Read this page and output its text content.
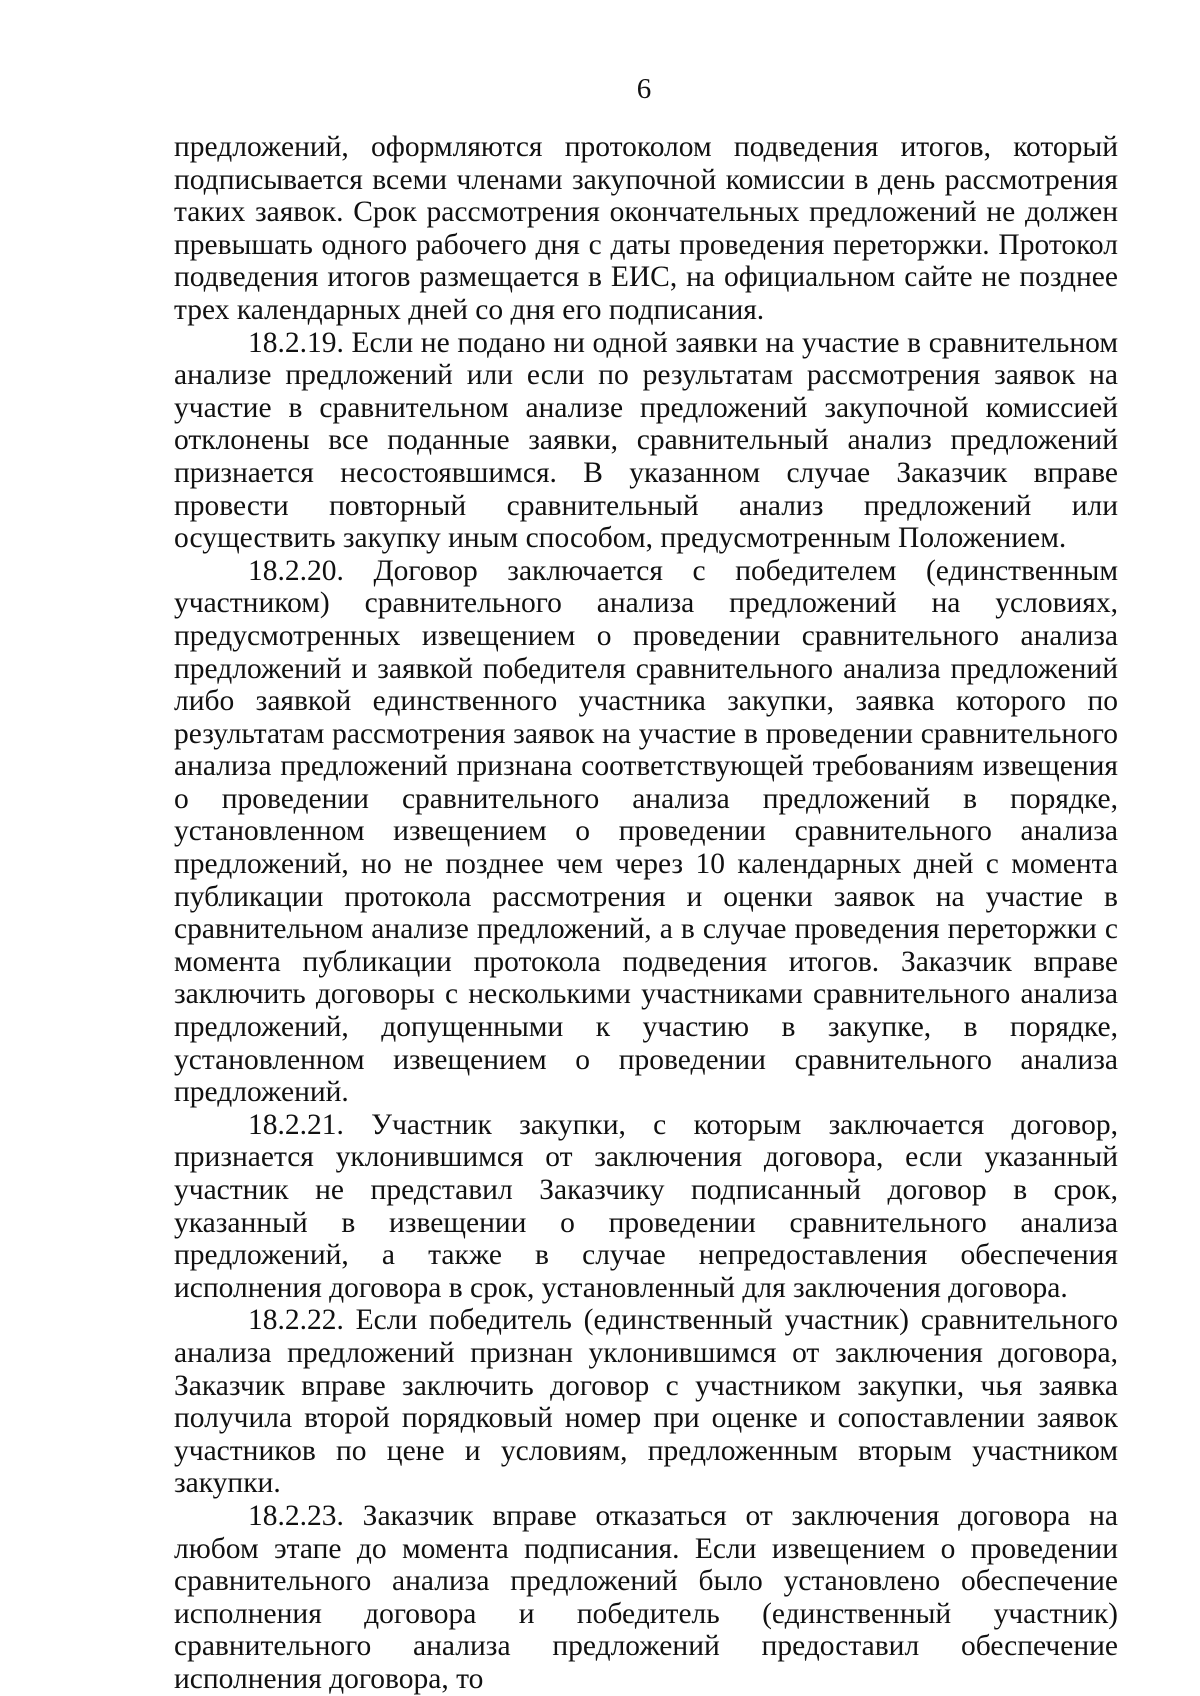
6

предложений, оформляются протоколом подведения итогов, который подписывается всеми членами закупочной комиссии в день рассмотрения таких заявок. Срок рассмотрения окончательных предложений не должен превышать одного рабочего дня с даты проведения переторжки. Протокол подведения итогов размещается в ЕИС, на официальном сайте не позднее трех календарных дней со дня его подписания.

18.2.19. Если не подано ни одной заявки на участие в сравнительном анализе предложений или если по результатам рассмотрения заявок на участие в сравнительном анализе предложений закупочной комиссией отклонены все поданные заявки, сравнительный анализ предложений признается несостоявшимся. В указанном случае Заказчик вправе провести повторный сравнительный анализ предложений или осуществить закупку иным способом, предусмотренным Положением.

18.2.20. Договор заключается с победителем (единственным участником) сравнительного анализа предложений на условиях, предусмотренных извещением о проведении сравнительного анализа предложений и заявкой победителя сравнительного анализа предложений либо заявкой единственного участника закупки, заявка которого по результатам рассмотрения заявок на участие в проведении сравнительного анализа предложений признана соответствующей требованиям извещения о проведении сравнительного анализа предложений в порядке, установленном извещением о проведении сравнительного анализа предложений, но не позднее чем через 10 календарных дней с момента публикации протокола рассмотрения и оценки заявок на участие в сравнительном анализе предложений, а в случае проведения переторжки с момента публикации протокола подведения итогов. Заказчик вправе заключить договоры с несколькими участниками сравнительного анализа предложений, допущенными к участию в закупке, в порядке, установленном извещением о проведении сравнительного анализа предложений.

18.2.21. Участник закупки, с которым заключается договор, признается уклонившимся от заключения договора, если указанный участник не представил Заказчику подписанный договор в срок, указанный в извещении о проведении сравнительного анализа предложений, а также в случае непредоставления обеспечения исполнения договора в срок, установленный для заключения договора.

18.2.22. Если победитель (единственный участник) сравнительного анализа предложений признан уклонившимся от заключения договора, Заказчик вправе заключить договор с участником закупки, чья заявка получила второй порядковый номер при оценке и сопоставлении заявок участников по цене и условиям, предложенным вторым участником закупки.

18.2.23. Заказчик вправе отказаться от заключения договора на любом этапе до момента подписания. Если извещением о проведении сравнительного анализа предложений было установлено обеспечение исполнения договора и победитель (единственный участник) сравнительного анализа предложений предоставил обеспечение исполнения договора, то
